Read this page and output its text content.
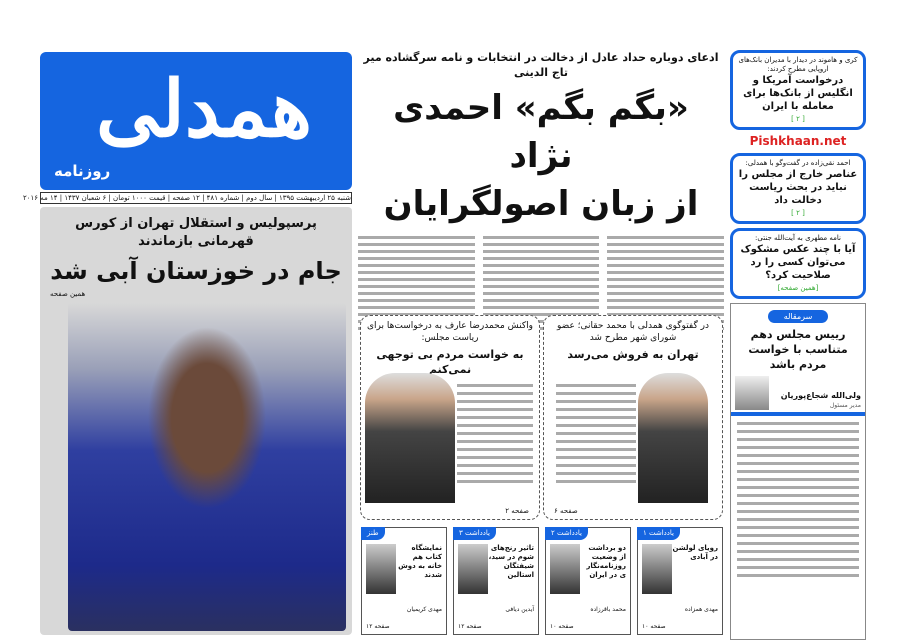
همدلی
روزنامه
شنبه ۲۵ اردیبهشت ۱۳۹۵ | سال دوم | شماره ۴۸۱ | ۱۲ صفحه | قیمت ۱۰۰۰ تومان | ۶ شعبان ۱۴۳۷ | ۱۴ مه ۲۰۱۶
پرسپولیس و استقلال تهران از کورس قهرمانی بازماندند
جام در خوزستان آبی شد
همین صفحه
ادعای دوباره حداد عادل از دخالت در انتخابات و نامه سرگشاده میر تاج الدینی
«بگم بگم» احمدی نژاد
از زبان اصولگرایان
در گفتوگوی همدلی با محمد حقانی؛ عضو شورای شهر مطرح شد
تهران به فروش می‌رسد
صفحه ۶
واکنش محمدرضا عارف به درخواست‌ها برای ریاست مجلس:
به خواست مردم بی توجهی نمی‌کنم
صفحه ۲
یادداشت ۱
رویای لولشن در آبادی
مهدی همزاده
صفحه ۱۰
یادداشت ۲
دو برداشت از وضعیت روزنامه‌نگاری در ایران
محمد باقرزاده
صفحه ۱۰
یادداشت ۳
تاثیر رنج‌های شوم در سید، شیفتگان استالین
آیدین دیافی
صفحه ۱۲
طنز
نمایشگاه کتاب هم خانه به دوش شدند
مهدی کریمیان
صفحه ۱۲
کری و هاموند در دیدار با مدیران بانک‌های اروپایی مطرح کردند:
درخواست آمریکا و انگلیس از بانک‌ها برای معامله با ایران
[ ۲ ]
Pishkhaan.net
احمد نقی‌زاده در گفت‌وگو با همدلی:
عناصر خارج از مجلس را نباید در بحث ریاست دخالت داد
[ ۲ ]
نامه مطهری به آیت‌الله جنتی:
آیا با چند عکس مشکوک می‌توان کسی را رد صلاحیت کرد؟
[همین صفحه]
سرمقاله
رییس مجلس دهم متناسب با خواست مردم باشد
ولی‌الله شجاع‌پوریان
مدیر مسئول
